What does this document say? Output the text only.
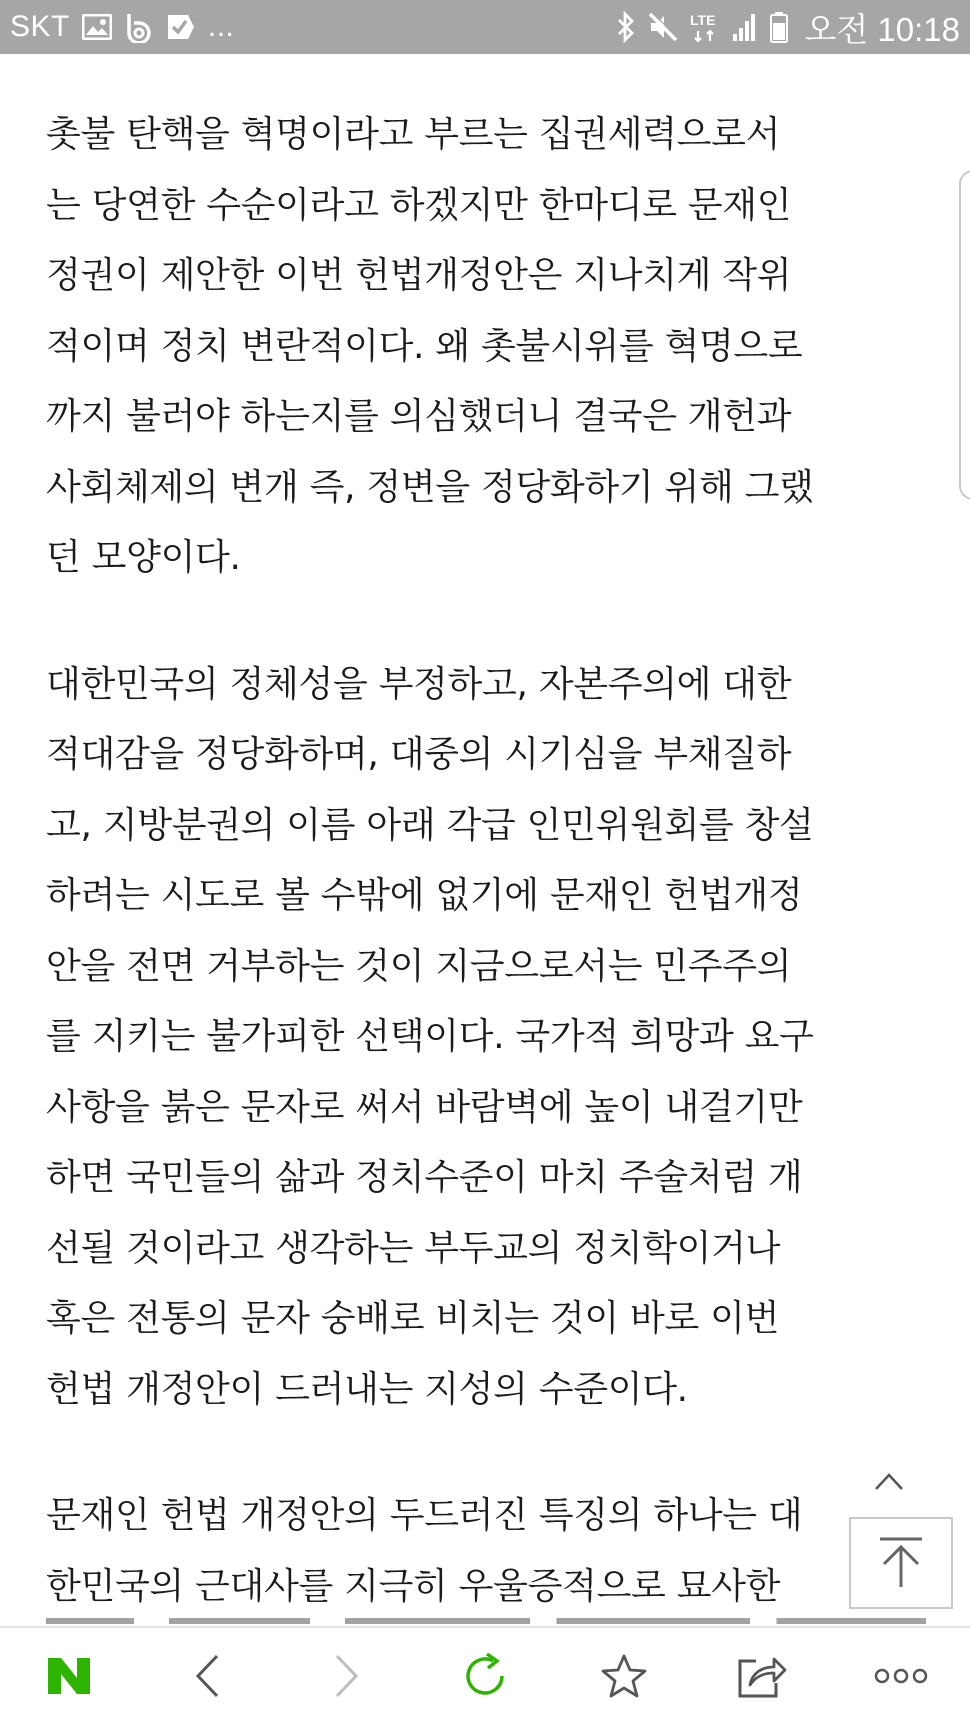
SKT	...	LTE	오전 10:18
촛불 탄핵을 혁명이라고 부르는 집권세력으로서
는 당연한 수순이라고 하겠지만 한마디로 문재인
정권이 제안한 이번 헌법개정안은 지나치게 작위
적이며 정치 변란적이다. 왜 촛불시위를 혁명으로
까지 불러야 하는지를 의심했더니 결국은 개헌과
사회체제의 변개 즉, 정변을 정당화하기 위해 그랬
던 모양이다.
대한민국의 정체성을 부정하고, 자본주의에 대한
적대감을 정당화하며, 대중의 시기심을 부채질하
고, 지방분권의 이름 아래 각급 인민위원회를 창설
하려는 시도로 볼 수밖에 없기에 문재인 헌법개정
안을 전면 거부하는 것이 지금으로서는 민주주의
를 지키는 불가피한 선택이다. 국가적 희망과 요구
사항을 붉은 문자로 써서 바람벽에 높이 내걸기만
하면 국민들의 삶과 정치수준이 마치 주술처럼 개
선될 것이라고 생각하는 부두교의 정치학이거나
혹은 전통의 문자 숭배로 비치는 것이 바로 이번
헌법 개정안이 드러내는 지성의 수준이다.
문재인 헌법 개정안의 두드러진 특징의 하나는 대
한민국의 근대사를 지극히 우울증적으로 묘사한
